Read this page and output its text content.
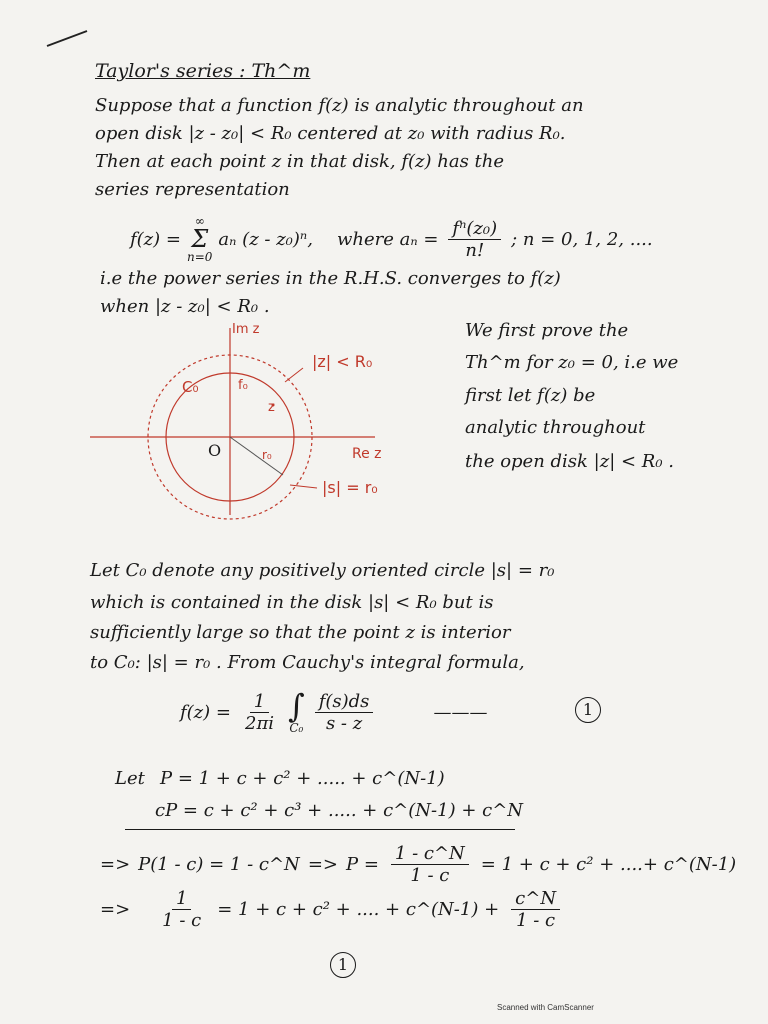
Taylor's series : Th^m
Suppose that a function f(z) is analytic throughout an
open disk |z - z₀| < R₀ centered at z₀ with radius R₀.
Then at each point z in that disk, f(z) has the
series representation
f(z) =
∞
Σ
n=0
aₙ (z - z₀)ⁿ, where $a_n = \frac{\text{fⁿ(z₀)}}{n!}$ ; n = 0, 1, 2, ....
i.e the power series in the R.H.S. converges to f(z)
when |z - z₀| < R₀ .
Im z
Re z
O
C₀	f₀
z
r₀
|z| < R₀
|s| = r₀
We first prove the
Th^m for z₀ = 0, i.e we
first let f(z) be
analytic throughout
the open disk |z| < R₀ .
Let C₀ denote any positively oriented circle |s| = r₀
which is contained in the disk |s| < R₀ but is
sufficiently large so that the point z is interior
to C₀: |s| = r₀ . From Cauchy's integral formula,
$f(z) = \frac{1}{2\pi i}$ ∫
$C_0 \frac{f(s)ds}{s - z}$	———	1
Let P = 1 + c + c² + ..... + c^(N-1)
cP = c + c² + c³ + ..... + c^(N-1) + c^N
=> P(1 - c) = 1 - c^N => $P = \frac{1 - c\^{}N}{1 - c} = 1 + c + c^2$ + ....+ c^(N-1)
=> $\frac{1}{1 - c} = 1 + c + c^2$ + .... + c^(N-1) + $\frac{c\^{}N}{1 - c}$
1
Scanned with CamScanner
